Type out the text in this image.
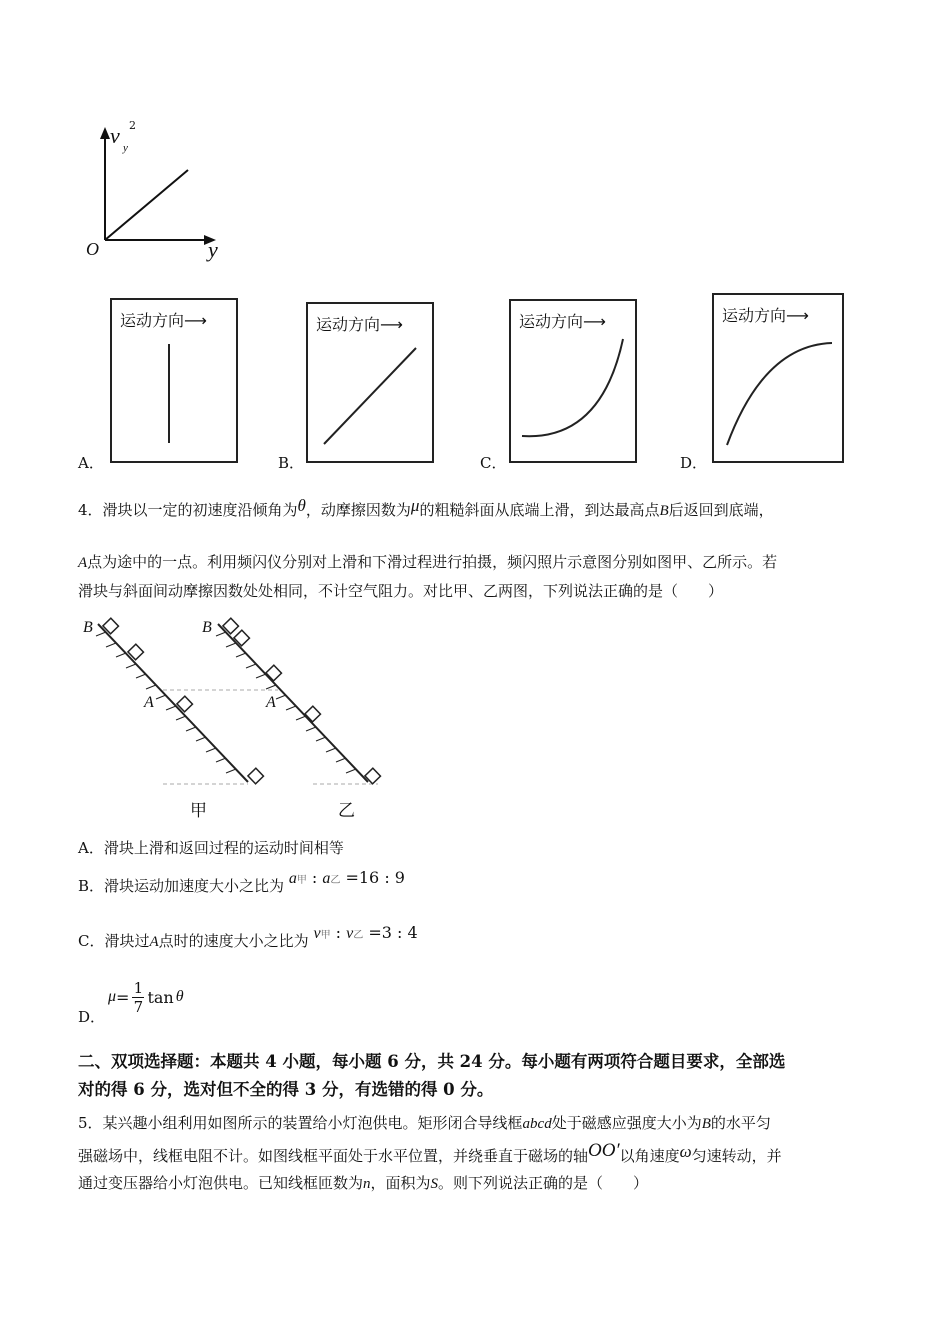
v y
2
y
O
A．
运动方向⟶
B．
运动方向⟶
C．
运动方向⟶
D．
运动方向⟶
4．滑块以一定的初速度沿倾角为θ，动摩擦因数为μ的粗糙斜面从底端上滑，到达最高点B后返回到底端，
A点为途中的一点。利用频闪仪分别对上滑和下滑过程进行拍摄，频闪照片示意图分别如图甲、乙所示。若
滑块与斜面间动摩擦因数处处相同，不计空气阻力。对比甲、乙两图，下列说法正确的是（　　）
B	B
A	A
甲	乙
A．滑块上滑和返回过程的运动时间相等
B．滑块运动加速度大小之比为 a甲 : a乙 =16 : 9
C．滑块过A点时的速度大小之比为 v甲 : v乙 =3 : 4
D．
μ = 1
7 tan θ
二、双项选择题：本题共 4 小题，每小题 6 分，共 24 分。每小题有两项符合题目要求，全部选
对的得 6 分，选对但不全的得 3 分，有选错的得 0 分。
5．某兴趣小组利用如图所示的装置给小灯泡供电。矩形闭合导线框abcd处于磁感应强度大小为B的水平匀
强磁场中，线框电阻不计。如图线框平面处于水平位置，并绕垂直于磁场的轴OO′以角速度ω匀速转动，并
通过变压器给小灯泡供电。已知线框匝数为n，面积为S。则下列说法正确的是（　　）
